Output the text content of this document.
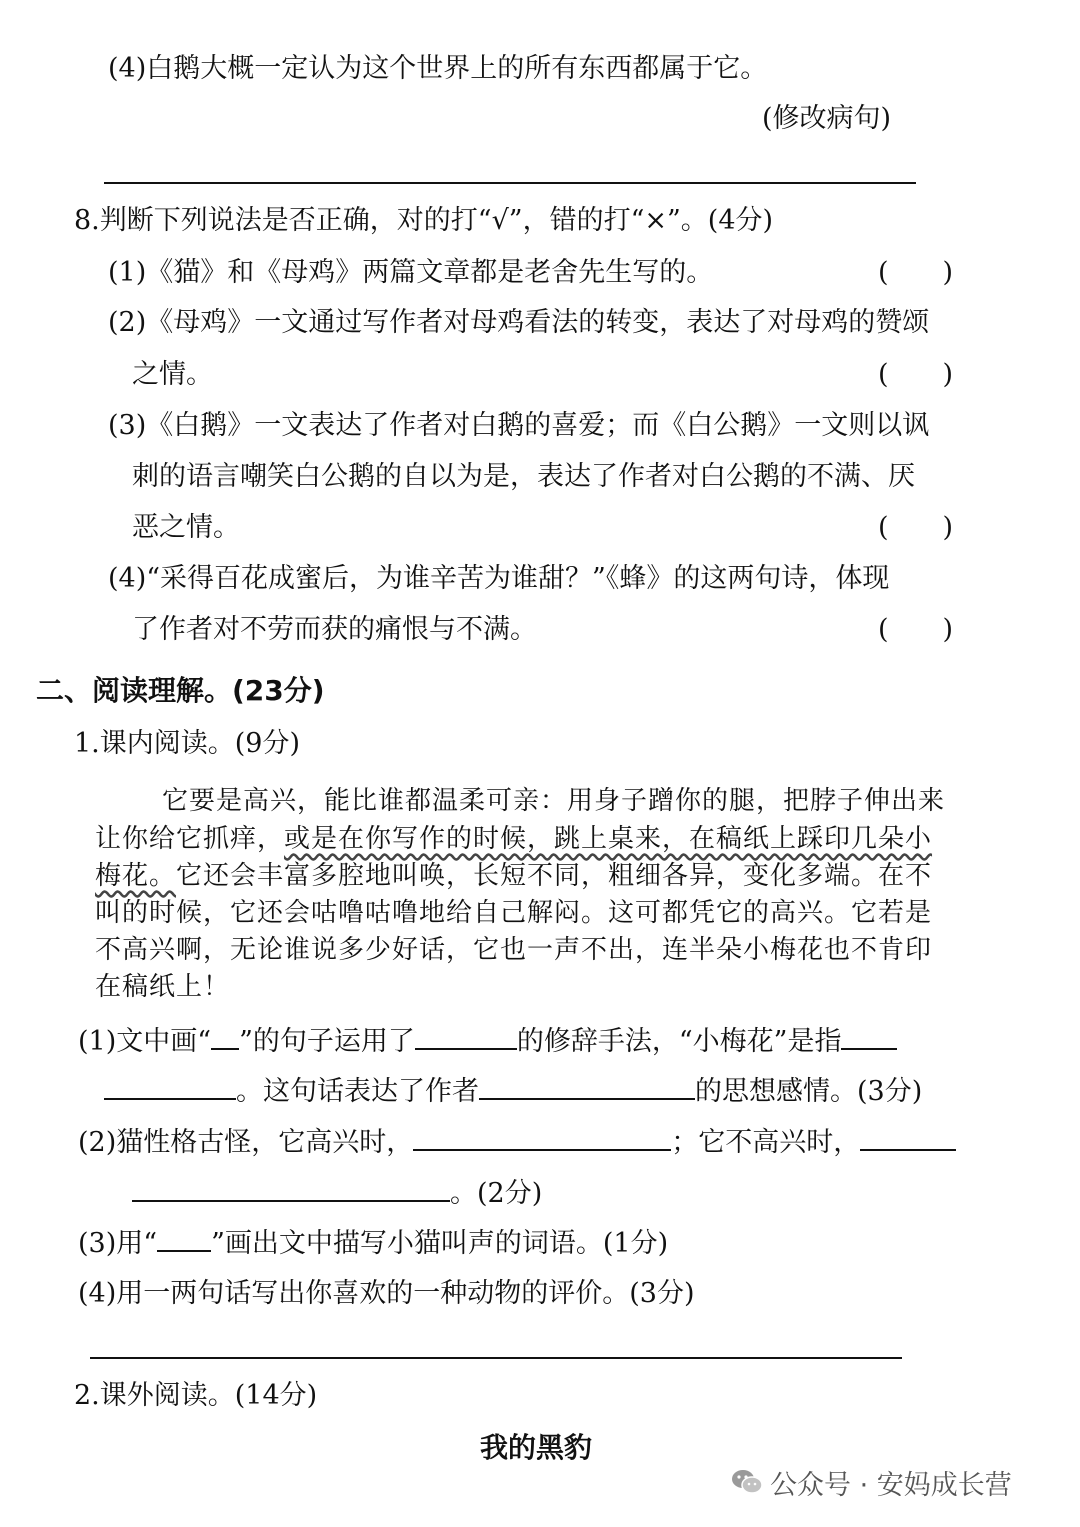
(4)白鹅大概一定认为这个世界上的所有东西都属于它。
(修改病句)
8.判断下列说法是否正确，对的打“√”，错的打“×”。(4分)
(1)《猫》和《母鸡》两篇文章都是老舍先生写的。	(　　)
(2)《母鸡》一文通过写作者对母鸡看法的转变，表达了对母鸡的赞颂
之情。	(　　)
(3)《白鹅》一文表达了作者对白鹅的喜爱；而《白公鹅》一文则以讽
刺的语言嘲笑白公鹅的自以为是，表达了作者对白公鹅的不满、厌
恶之情。	(　　)
(4)“采得百花成蜜后，为谁辛苦为谁甜？”《蜂》的这两句诗，体现
了作者对不劳而获的痛恨与不满。	(　　)
二、阅读理解。(23分)
1.课内阅读。(9分)
它要是高兴，能比谁都温柔可亲：用身子蹭你的腿，把脖子伸出来
让你给它抓痒，或是在你写作的时候，跳上桌来，在稿纸上踩印几朵小
梅花。它还会丰富多腔地叫唤，长短不同，粗细各异，变化多端。在不
叫的时候，它还会咕噜咕噜地给自己解闷。这可都凭它的高兴。它若是
不高兴啊，无论谁说多少好话，它也一声不出，连半朵小梅花也不肯印
在稿纸上！
(1)文中画“ ”的句子运用了	的修辞手法，“小梅花”是指
。这句话表达了作者	的思想感情。(3分)
(2)猫性格古怪，它高兴时，	；它不高兴时，
。(2分)
(3)用“ ”画出文中描写小猫叫声的词语。(1分)
(4)用一两句话写出你喜欢的一种动物的评价。(3分)
2.课外阅读。(14分)
我的黑豹
公众号 · 安妈成长营
